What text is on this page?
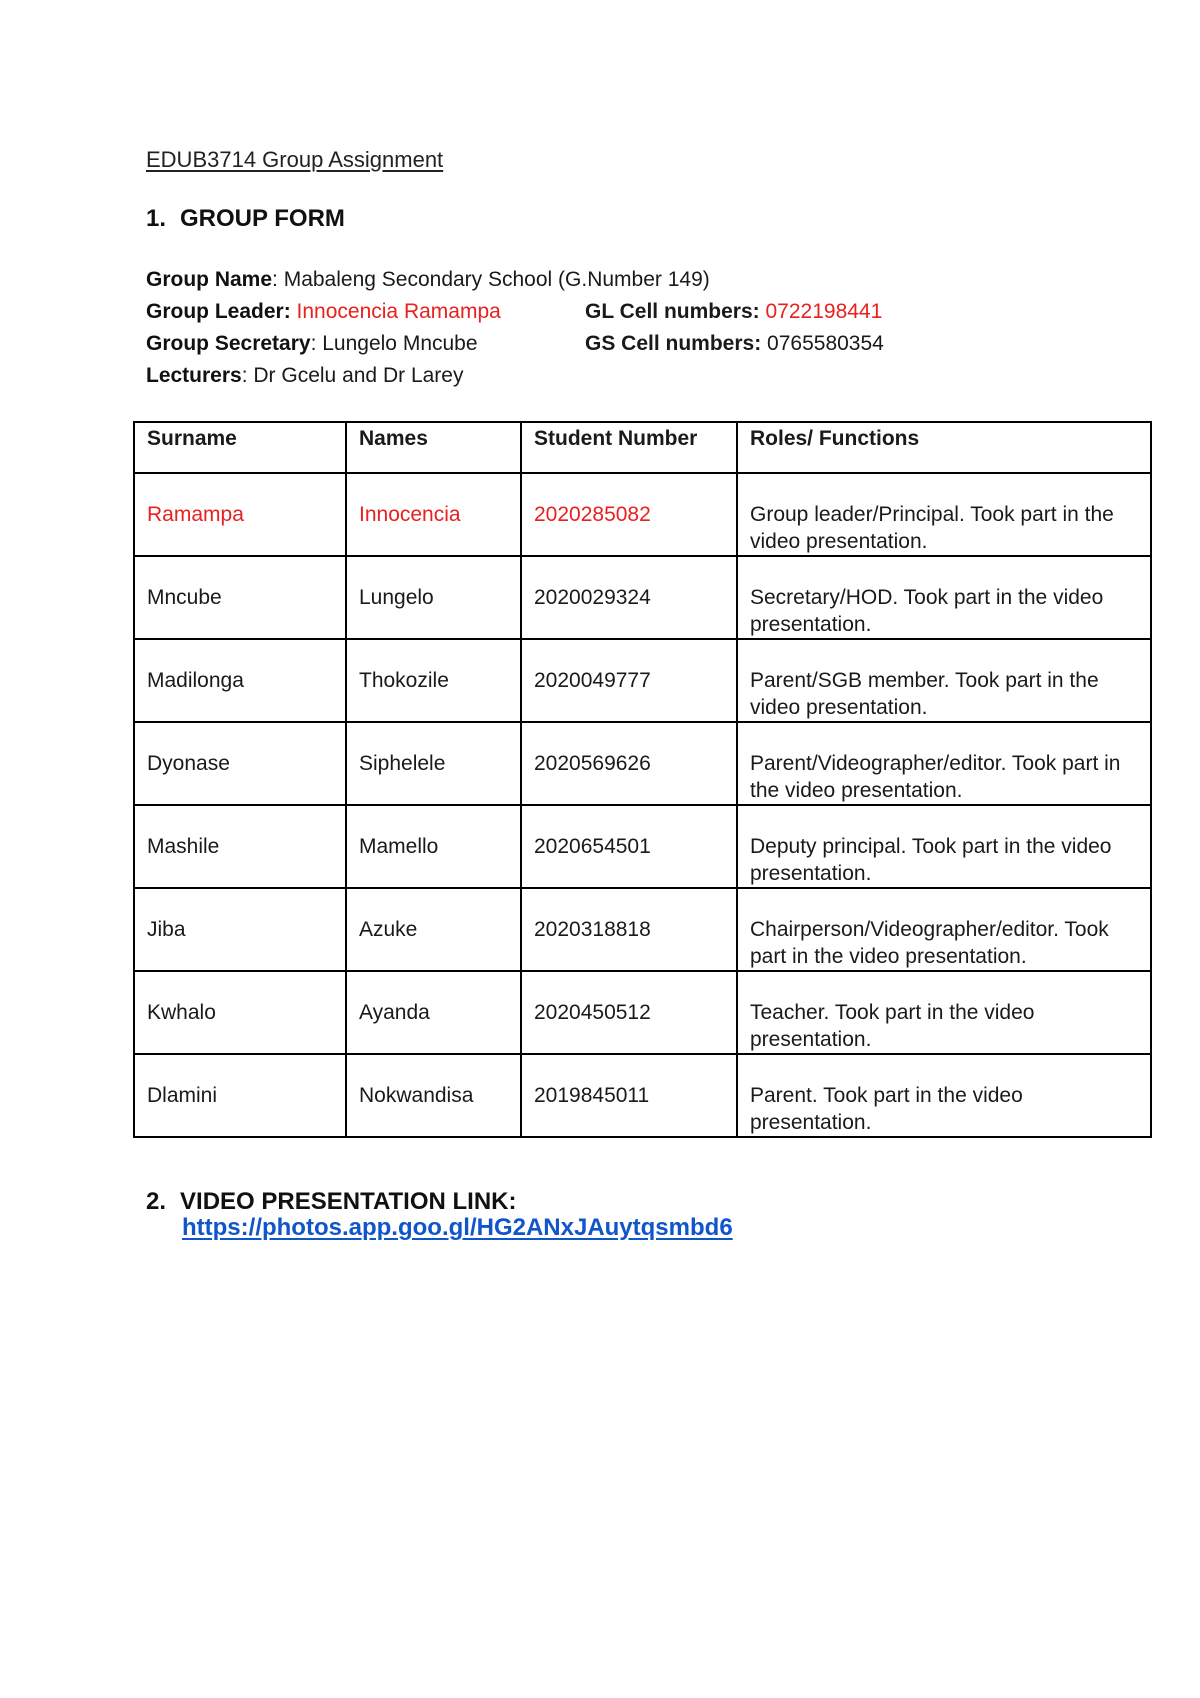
EDUB3714 Group Assignment
1. GROUP FORM
Group Name: Mabaleng Secondary School (G.Number 149)
Group Leader: Innocencia Ramampa	GL Cell numbers: 0722198441
Group Secretary: Lungelo Mncube	GS Cell numbers: 0765580354
Lecturers: Dr Gcelu and Dr Larey
Surname	Names	Student Number	Roles/ Functions
Ramampa	Innocencia	2020285082	Group leader/Principal. Took part in the video presentation.
Mncube	Lungelo	2020029324	Secretary/HOD. Took part in the video presentation.
Madilonga	Thokozile	2020049777	Parent/SGB member. Took part in the video presentation.
Dyonase	Siphelele	2020569626	Parent/Videographer/editor. Took part in the video presentation.
Mashile	Mamello	2020654501	Deputy principal. Took part in the video presentation.
Jiba	Azuke	2020318818	Chairperson/Videographer/editor. Took part in the video presentation.
Kwhalo	Ayanda	2020450512	Teacher. Took part in the video presentation.
Dlamini	Nokwandisa	2019845011	Parent. Took part in the video presentation.
2. VIDEO PRESENTATION LINK:
https://photos.app.goo.gl/HG2ANxJAuytqsmbd6
